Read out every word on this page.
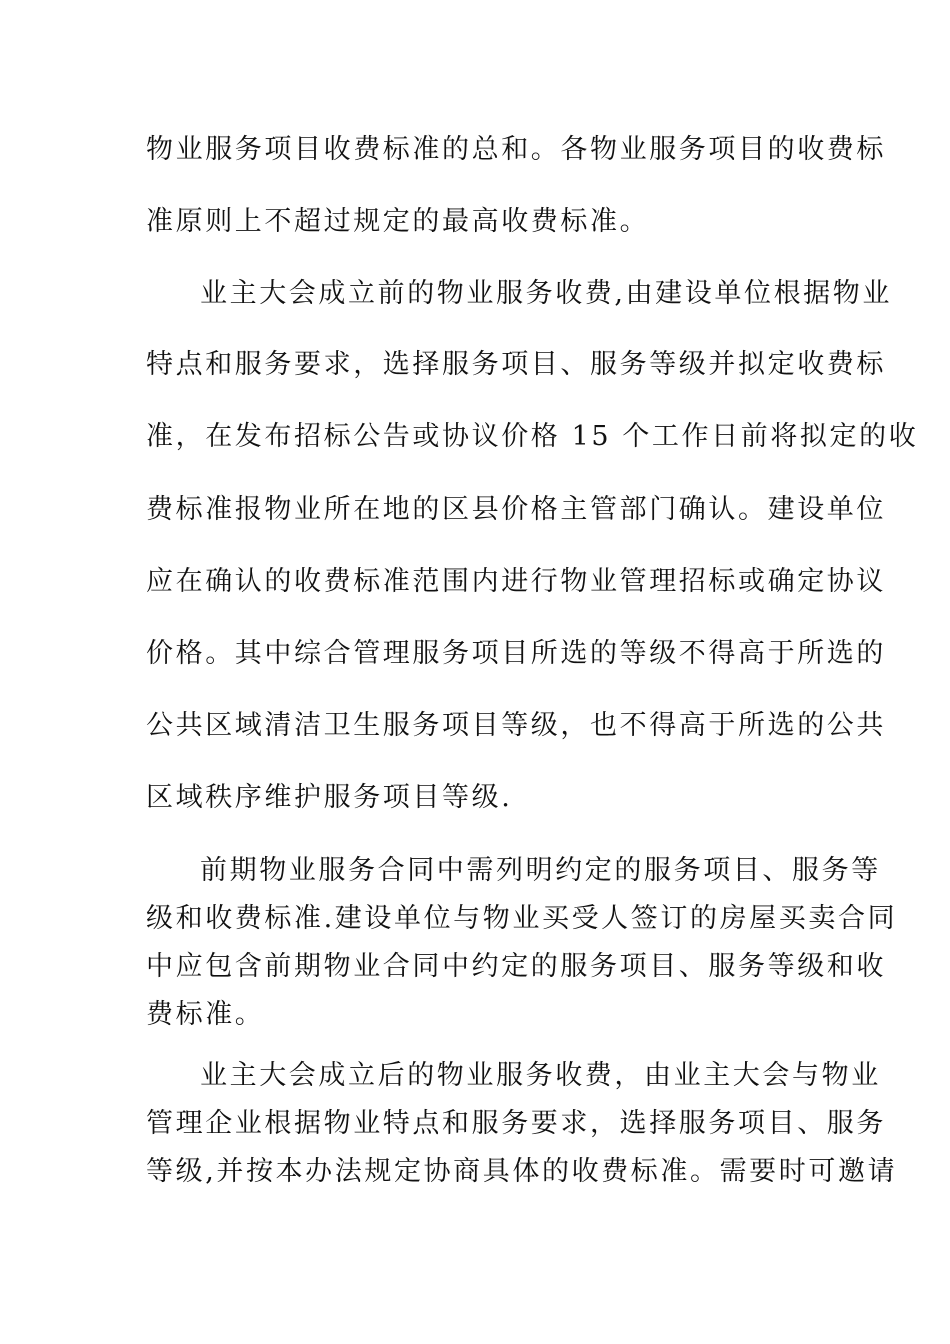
物业服务项目收费标准的总和。各物业服务项目的收费标
准原则上不超过规定的最高收费标准。
业主大会成立前的物业服务收费,由建设单位根据物业
特点和服务要求，选择服务项目、服务等级并拟定收费标
准，在发布招标公告或协议价格 15 个工作日前将拟定的收
费标准报物业所在地的区县价格主管部门确认。建设单位
应在确认的收费标准范围内进行物业管理招标或确定协议
价格。其中综合管理服务项目所选的等级不得高于所选的
公共区域清洁卫生服务项目等级，也不得高于所选的公共
区域秩序维护服务项目等级.
前期物业服务合同中需列明约定的服务项目、服务等
级和收费标准.建设单位与物业买受人签订的房屋买卖合同
中应包含前期物业合同中约定的服务项目、服务等级和收
费标准。
业主大会成立后的物业服务收费，由业主大会与物业
管理企业根据物业特点和服务要求，选择服务项目、服务
等级,并按本办法规定协商具体的收费标准。需要时可邀请
